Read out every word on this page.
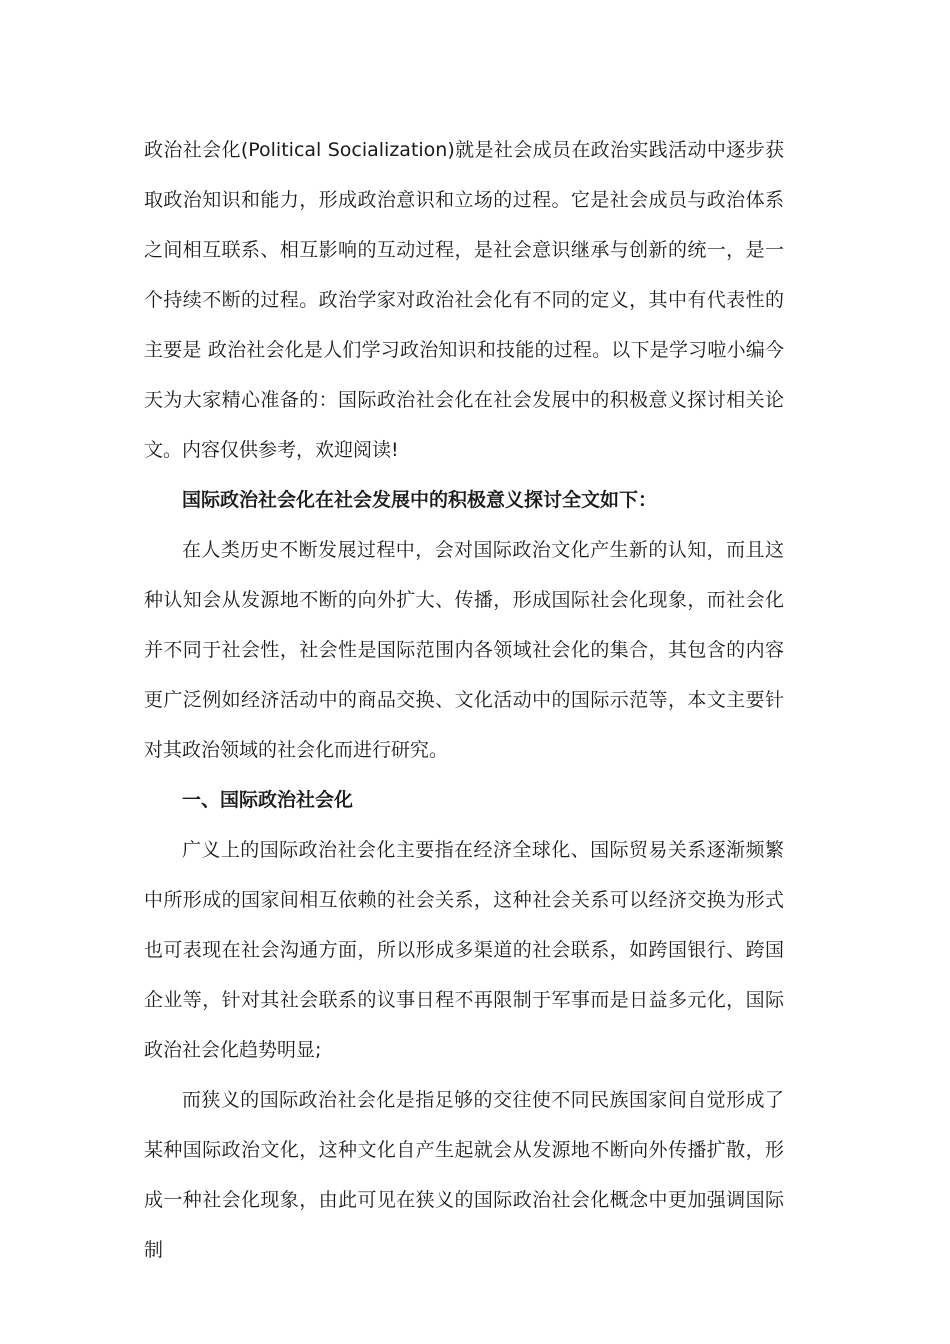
政治社会化(Political Socialization)就是社会成员在政治实践活动中逐步获取政治知识和能力，形成政治意识和立场的过程。它是社会成员与政治体系之间相互联系、相互影响的互动过程，是社会意识继承与创新的统一，是一个持续不断的过程。政治学家对政治社会化有不同的定义，其中有代表性的主要是 政治社会化是人们学习政治知识和技能的过程。以下是学习啦小编今天为大家精心准备的：国际政治社会化在社会发展中的积极意义探讨相关论文。内容仅供参考，欢迎阅读!

国际政治社会化在社会发展中的积极意义探讨全文如下：

在人类历史不断发展过程中，会对国际政治文化产生新的认知，而且这种认知会从发源地不断的向外扩大、传播，形成国际社会化现象，而社会化并不同于社会性，社会性是国际范围内各领域社会化的集合，其包含的内容更广泛例如经济活动中的商品交换、文化活动中的国际示范等，本文主要针对其政治领域的社会化而进行研究。

一、国际政治社会化

广义上的国际政治社会化主要指在经济全球化、国际贸易关系逐渐频繁中所形成的国家间相互依赖的社会关系，这种社会关系可以经济交换为形式也可表现在社会沟通方面，所以形成多渠道的社会联系，如跨国银行、跨国企业等，针对其社会联系的议事日程不再限制于军事而是日益多元化，国际政治社会化趋势明显;

而狭义的国际政治社会化是指足够的交往使不同民族国家间自觉形成了某种国际政治文化，这种文化自产生起就会从发源地不断向外传播扩散，形成一种社会化现象，由此可见在狭义的国际政治社会化概念中更加强调国际制
